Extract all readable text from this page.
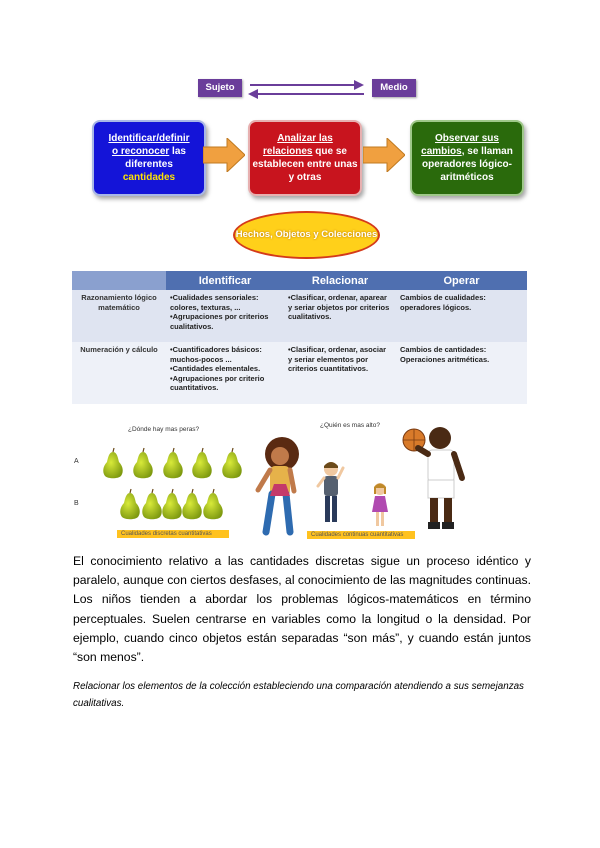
Sujeto	Medio
Identificar/definir
o reconocer las diferentes
cantidades
Analizar las
relaciones que se establecen entre unas y otras
Observar sus
cambios, se llaman operadores lógico-aritméticos
Hechos, Objetos y Colecciones
	Identificar	Relacionar	Operar
Razonamiento lógico matemático	•Cualidades sensoriales: colores, texturas, ...
•Agrupaciones por criterios cualitativos.	•Clasificar, ordenar, aparear y seriar objetos por criterios cualitativos.	Cambios de cualidades: operadores lógicos.

Numeración y cálculo	•Cuantificadores básicos: muchos-pocos ...
•Cantidades elementales.
•Agrupaciones por criterio cuantitativos.	•Clasificar, ordenar, asociar y seriar elementos por criterios cuantitativos.	Cambios de cantidades: Operaciones aritméticas.
¿Dónde hay mas peras?
A
B
Cualidades discretas cuantitativas
¿Quién es mas alto?
Cualidades continuas cuantitativas
El conocimiento relativo a las cantidades discretas sigue un proceso idéntico y paralelo, aunque con ciertos desfases, al conocimiento de las magnitudes continuas. Los niños tienden a abordar los problemas lógicos-matemáticos en término perceptuales. Suelen centrarse en variables como la longitud o la densidad. Por ejemplo, cuando cinco objetos están separadas “son más”, y cuando están juntos “son menos”.
Relacionar los elementos de la colección estableciendo una comparación atendiendo a sus semejanzas cualitativas.
